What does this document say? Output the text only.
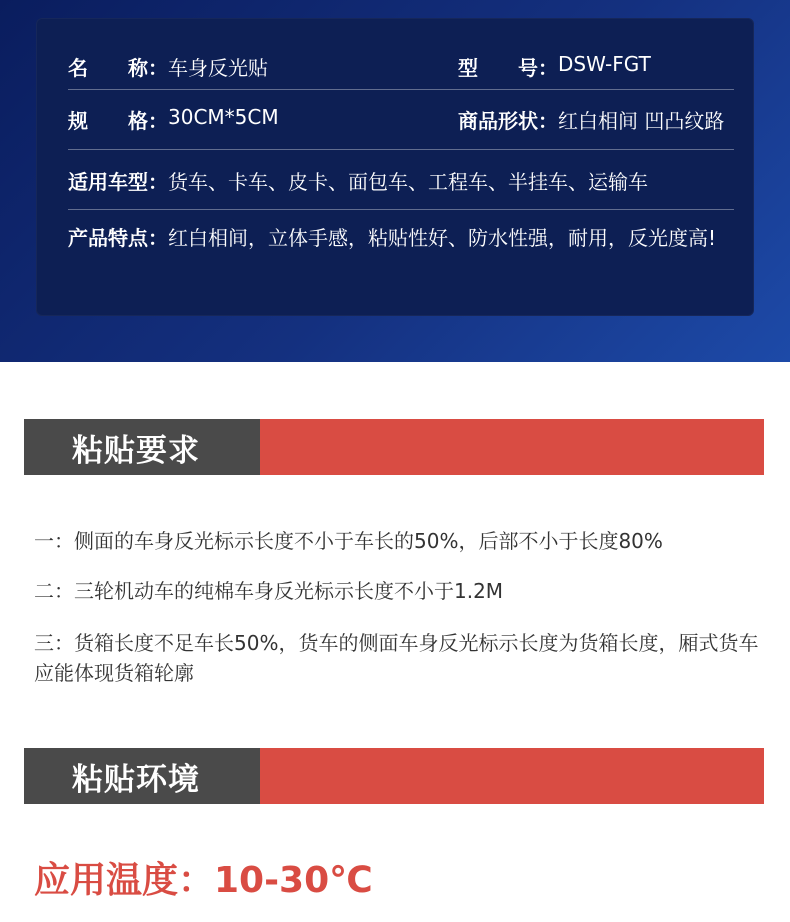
名　　称： 车身反光贴	型　　号： DSW-FGT
规　　格： 30CM*5CM	商品形状： 红白相间 凹凸纹路
适用车型： 货车、卡车、皮卡、面包车、工程车、半挂车、运输车
产品特点： 红白相间，立体手感，粘贴性好、防水性强，耐用，反光度高!
粘贴要求
一：侧面的车身反光标示长度不小于车长的50%，后部不小于长度80%
二：三轮机动车的纯棉车身反光标示长度不小于1.2M
三：货箱长度不足车长50%，货车的侧面车身反光标示长度为货箱长度，厢式货车应能体现货箱轮廓
粘贴环境
应用温度：10-30℃
